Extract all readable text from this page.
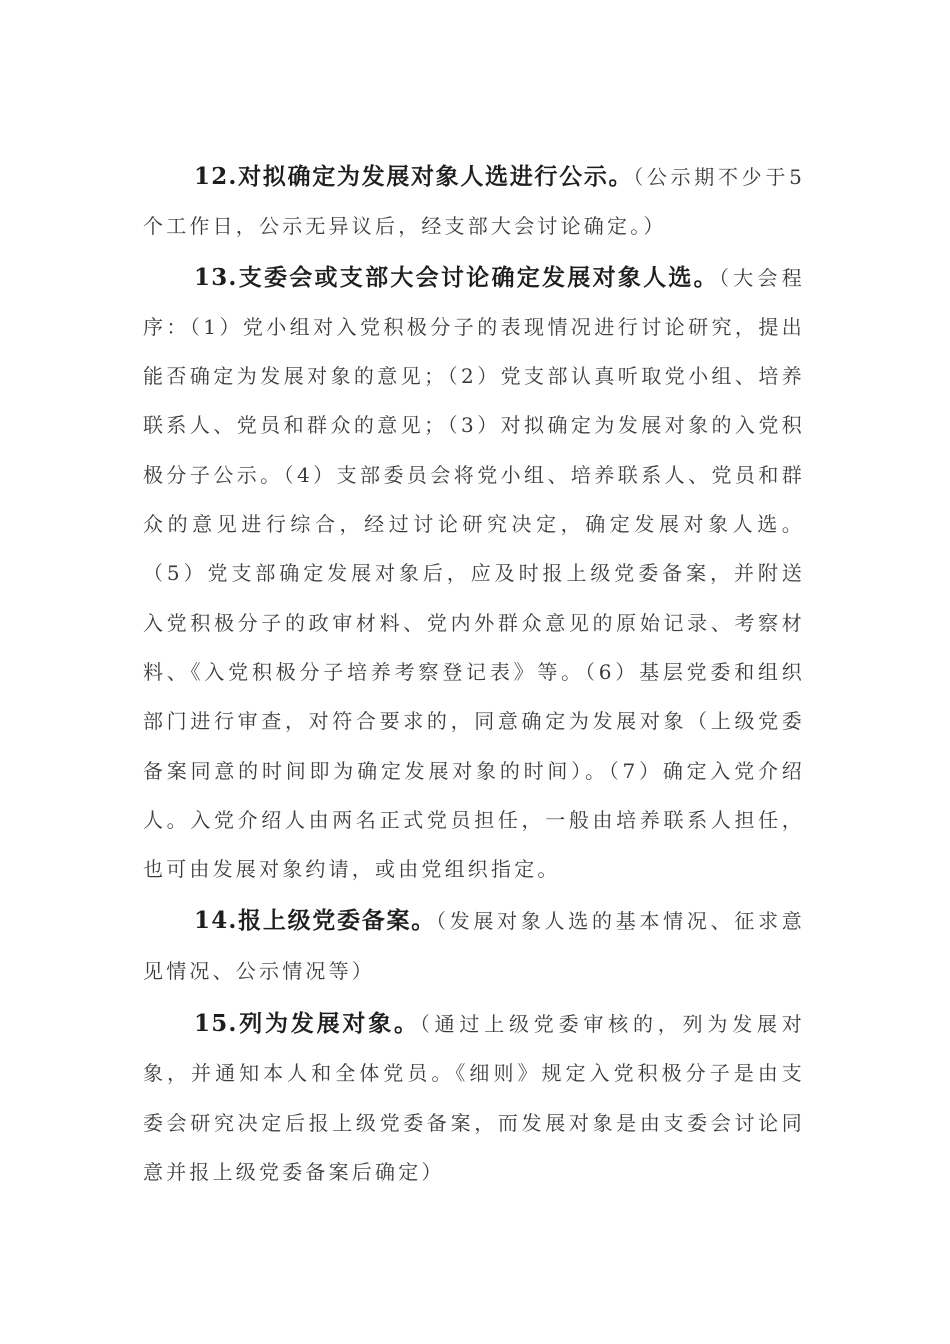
12.对拟确定为发展对象人选进行公示。（公示期不少于5个工作日，公示无异议后，经支部大会讨论确定。）

13.支委会或支部大会讨论确定发展对象人选。（大会程序：（1）党小组对入党积极分子的表现情况进行讨论研究，提出能否确定为发展对象的意见；（2）党支部认真听取党小组、培养联系人、党员和群众的意见；（3）对拟确定为发展对象的入党积极分子公示。（4）支部委员会将党小组、培养联系人、党员和群众的意见进行综合，经过讨论研究决定，确定发展对象人选。（5）党支部确定发展对象后，应及时报上级党委备案，并附送入党积极分子的政审材料、党内外群众意见的原始记录、考察材料、《入党积极分子培养考察登记表》等。（6）基层党委和组织部门进行审查，对符合要求的，同意确定为发展对象（上级党委备案同意的时间即为确定发展对象的时间）。（7）确定入党介绍人。入党介绍人由两名正式党员担任，一般由培养联系人担任，也可由发展对象约请，或由党组织指定。

14.报上级党委备案。（发展对象人选的基本情况、征求意见情况、公示情况等）

15.列为发展对象。（通过上级党委审核的，列为发展对象，并通知本人和全体党员。《细则》规定入党积极分子是由支委会研究决定后报上级党委备案，而发展对象是由支委会讨论同意并报上级党委备案后确定）
